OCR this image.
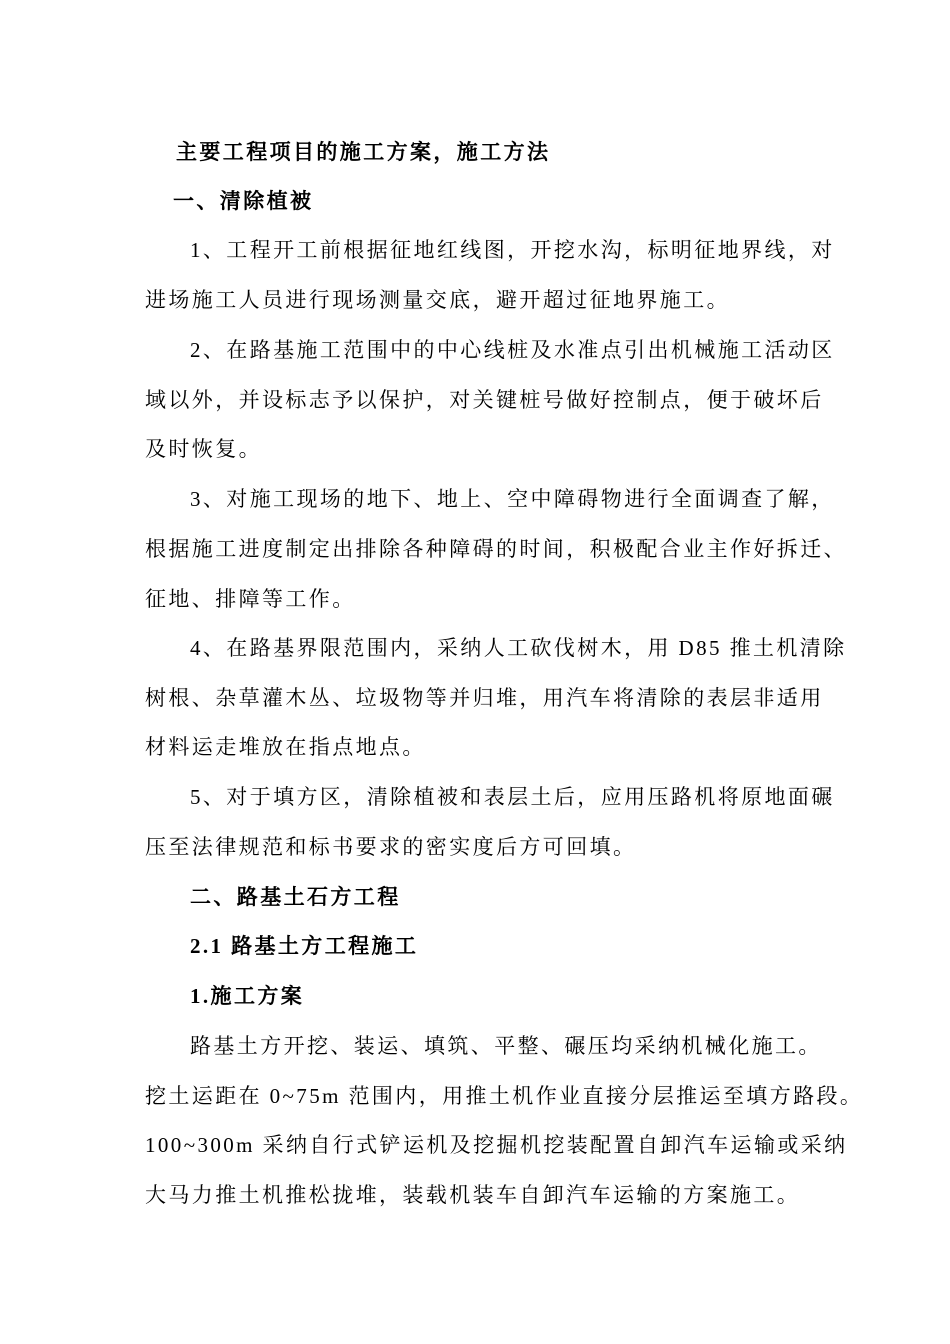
主要工程项目的施工方案，施工方法
一、清除植被
1、工程开工前根据征地红线图，开挖水沟，标明征地界线，对
进场施工人员进行现场测量交底，避开超过征地界施工。
2、在路基施工范围中的中心线桩及水准点引出机械施工活动区
域以外，并设标志予以保护，对关键桩号做好控制点，便于破坏后
及时恢复。
3、对施工现场的地下、地上、空中障碍物进行全面调查了解，
根据施工进度制定出排除各种障碍的时间，积极配合业主作好拆迁、
征地、排障等工作。
4、在路基界限范围内，采纳人工砍伐树木，用 D85 推土机清除
树根、杂草灌木丛、垃圾物等并归堆，用汽车将清除的表层非适用
材料运走堆放在指点地点。
5、对于填方区，清除植被和表层土后，应用压路机将原地面碾
压至法律规范和标书要求的密实度后方可回填。
二、路基土石方工程
2.1 路基土方工程施工
1.施工方案
路基土方开挖、装运、填筑、平整、碾压均采纳机械化施工。
挖土运距在 0~75m 范围内，用推土机作业直接分层推运至填方路段。
100~300m 采纳自行式铲运机及挖掘机挖装配置自卸汽车运输或采纳
大马力推土机推松拢堆，装载机装车自卸汽车运输的方案施工。
